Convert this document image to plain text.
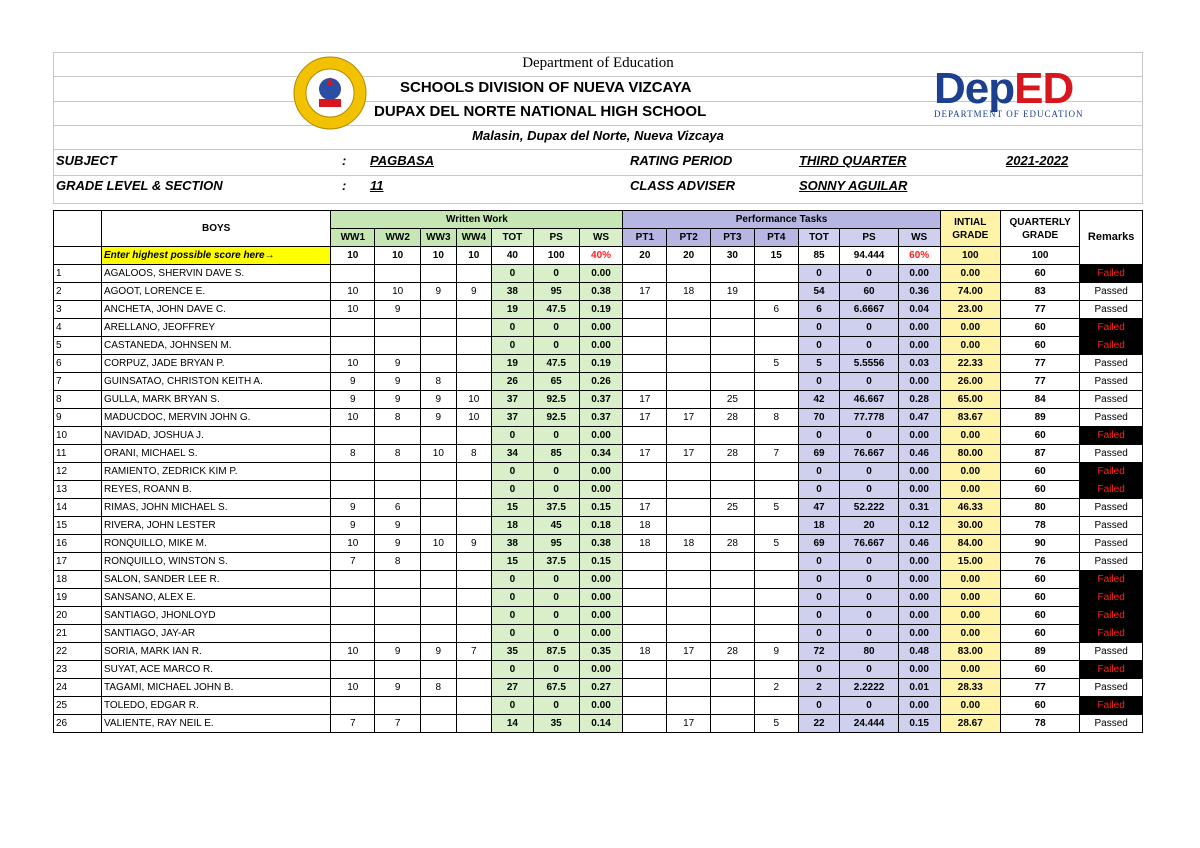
DepED
DEPARTMENT OF EDUCATION
Department of Education
SCHOOLS DIVISION OF NUEVA VIZCAYA
DUPAX DEL NORTE NATIONAL HIGH SCHOOL
Malasin, Dupax del Norte, Nueva Vizcaya
SUBJECT	: PAGBASA	RATING PERIOD	THIRD QUARTER	2021-2022
GRADE LEVEL & SECTION	: 11	CLASS ADVISER	SONNY AGUILAR
	BOYS	Written Work							Performance Tasks							INTIAL GRADE	QUARTERLY GRADE	Remarks
		WW1	WW2	WW3	WW4	TOT	PS	WS	PT1	PT2	PT3	PT4	TOT	PS	WS			
	Enter highest possible score here→	10	10	10	10	40	100	40%	20	20	30	15	85	94.444	60%	100	100	
1	AGALOOS, SHERVIN DAVE S.					0	0	0.00					0	0	0.00	0.00	60	Failed
2	AGOOT, LORENCE E.	10	10	9	9	38	95	0.38	17	18	19		54	60	0.36	74.00	83	Passed
3	ANCHETA, JOHN DAVE C.	10	9			19	47.5	0.19				6	6	6.6667	0.04	23.00	77	Passed
4	ARELLANO, JEOFFREY					0	0	0.00					0	0	0.00	0.00	60	Failed
5	CASTANEDA, JOHNSEN M.					0	0	0.00					0	0	0.00	0.00	60	Failed
6	CORPUZ, JADE BRYAN P.	10	9			19	47.5	0.19				5	5	5.5556	0.03	22.33	77	Passed
7	GUINSATAO, CHRISTON KEITH A.	9	9	8		26	65	0.26					0	0	0.00	26.00	77	Passed
8	GULLA, MARK BRYAN S.	9	9	9	10	37	92.5	0.37	17		25		42	46.667	0.28	65.00	84	Passed
9	MADUCDOC, MERVIN JOHN G.	10	8	9	10	37	92.5	0.37	17	17	28	8	70	77.778	0.47	83.67	89	Passed
10	NAVIDAD, JOSHUA J.					0	0	0.00					0	0	0.00	0.00	60	Failed
11	ORANI, MICHAEL S.	8	8	10	8	34	85	0.34	17	17	28	7	69	76.667	0.46	80.00	87	Passed
12	RAMIENTO, ZEDRICK KIM P.					0	0	0.00					0	0	0.00	0.00	60	Failed
13	REYES, ROANN B.					0	0	0.00					0	0	0.00	0.00	60	Failed
14	RIMAS, JOHN MICHAEL S.	9	6			15	37.5	0.15	17		25	5	47	52.222	0.31	46.33	80	Passed
15	RIVERA, JOHN LESTER	9	9			18	45	0.18	18				18	20	0.12	30.00	78	Passed
16	RONQUILLO, MIKE M.	10	9	10	9	38	95	0.38	18	18	28	5	69	76.667	0.46	84.00	90	Passed
17	RONQUILLO, WINSTON S.	7	8			15	37.5	0.15					0	0	0.00	15.00	76	Passed
18	SALON, SANDER LEE R.					0	0	0.00					0	0	0.00	0.00	60	Failed
19	SANSANO, ALEX E.					0	0	0.00					0	0	0.00	0.00	60	Failed
20	SANTIAGO, JHONLOYD					0	0	0.00					0	0	0.00	0.00	60	Failed
21	SANTIAGO, JAY-AR					0	0	0.00					0	0	0.00	0.00	60	Failed
22	SORIA, MARK IAN R.	10	9	9	7	35	87.5	0.35	18	17	28	9	72	80	0.48	83.00	89	Passed
23	SUYAT, ACE MARCO R.					0	0	0.00					0	0	0.00	0.00	60	Failed
24	TAGAMI, MICHAEL JOHN B.	10	9	8		27	67.5	0.27				2	2	2.2222	0.01	28.33	77	Passed
25	TOLEDO, EDGAR R.					0	0	0.00					0	0	0.00	0.00	60	Failed
26	VALIENTE, RAY NEIL E.	7	7			14	35	0.14		17		5	22	24.444	0.15	28.67	78	Passed
